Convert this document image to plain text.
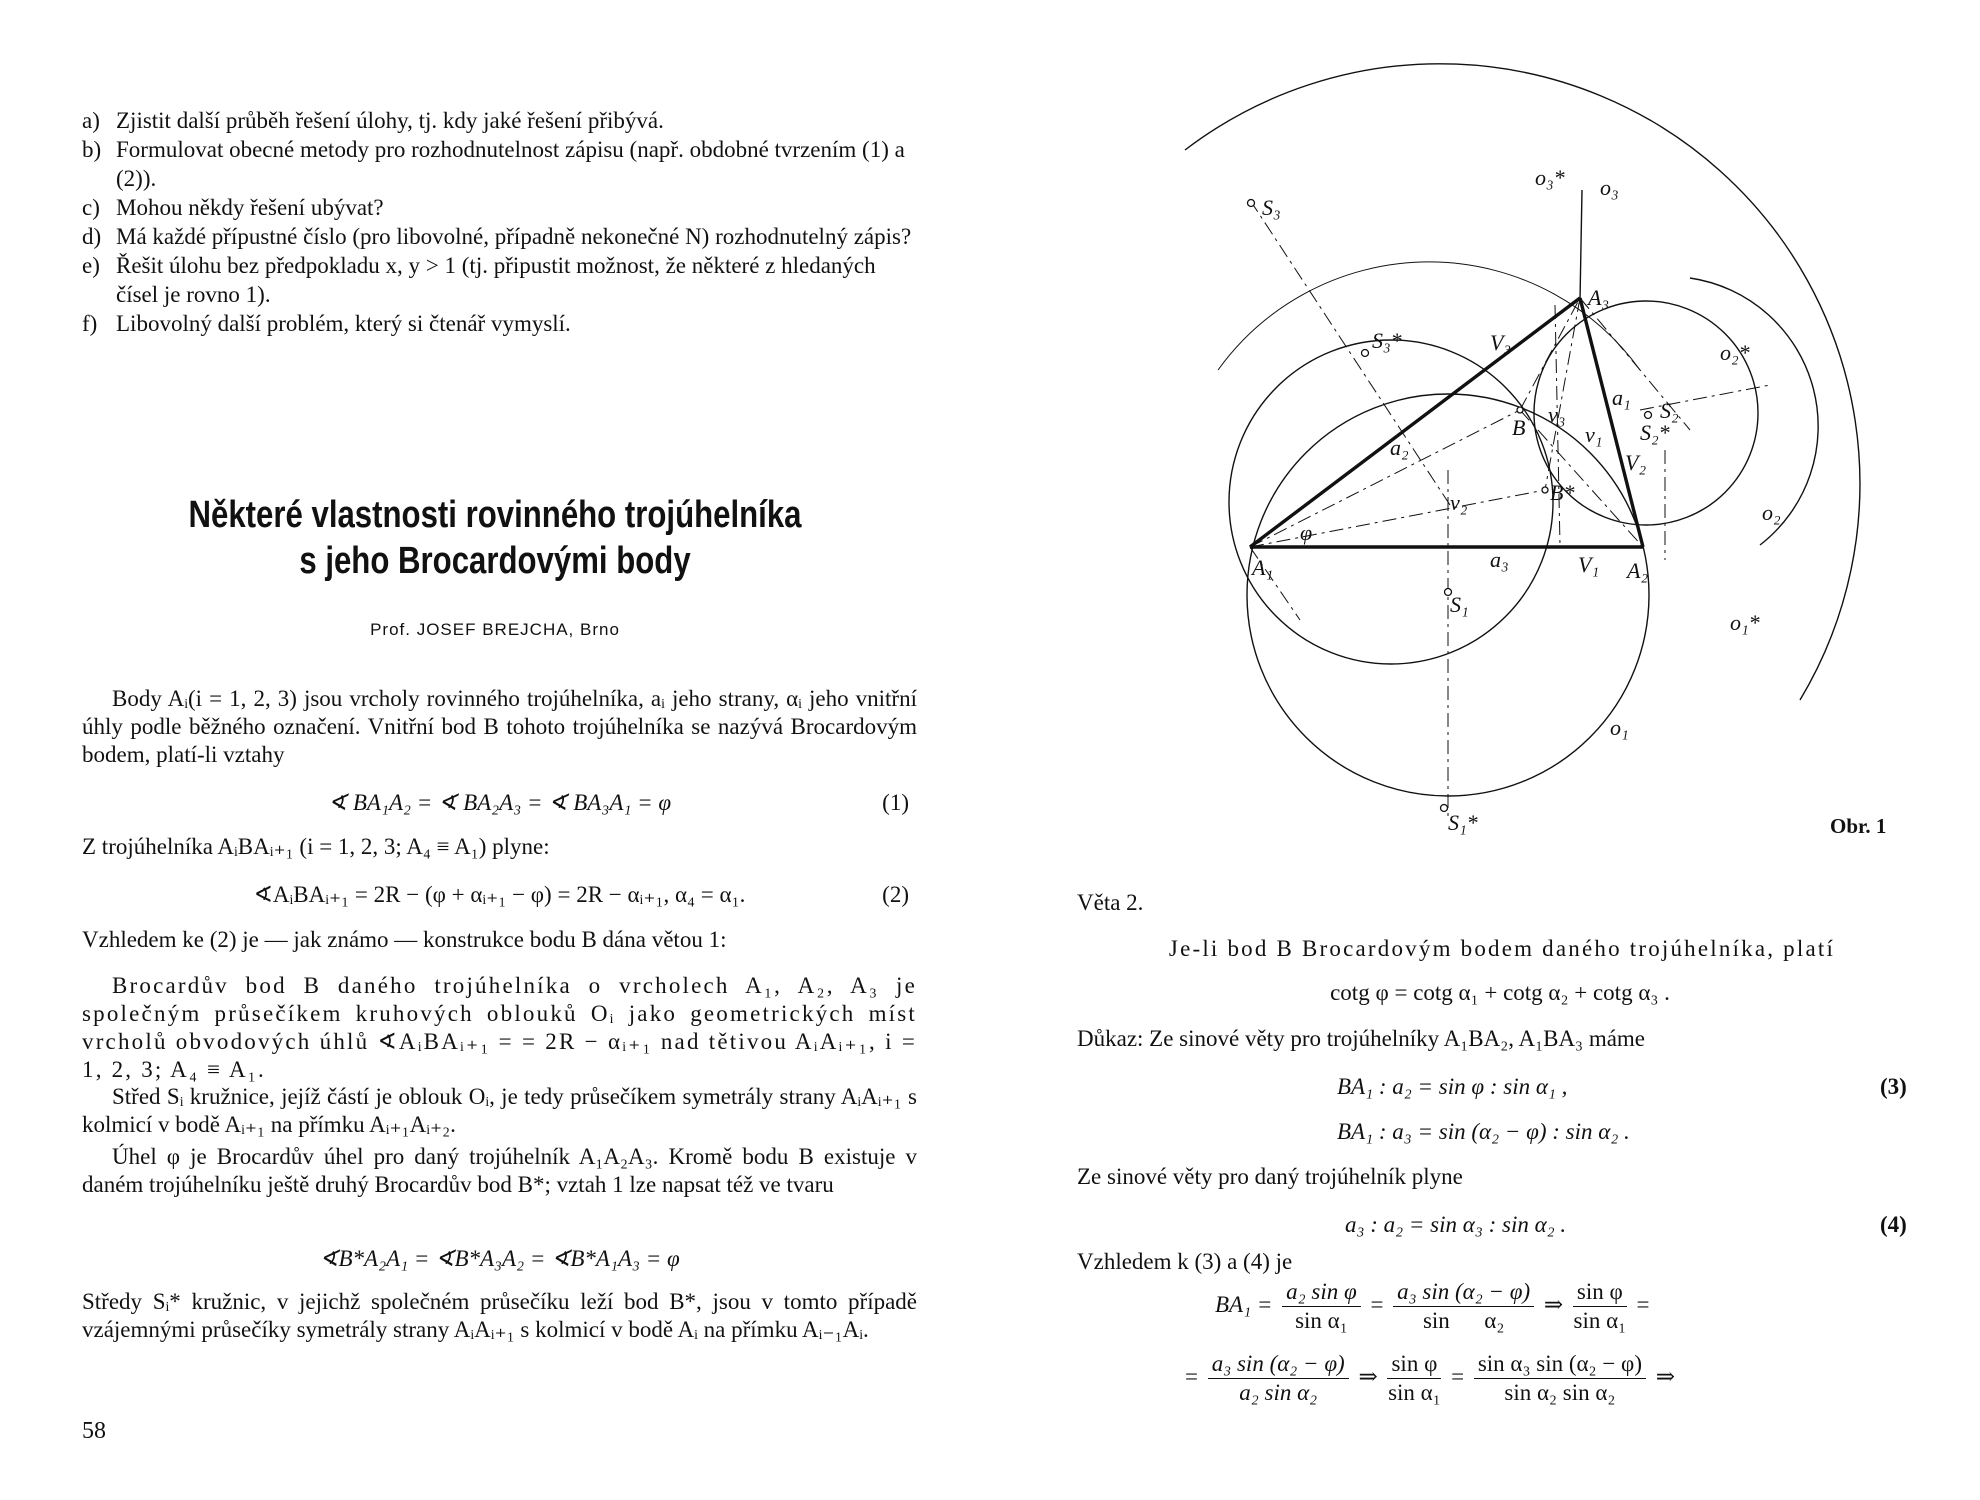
a) Zjistit další průběh řešení úlohy, tj. kdy jaké řešení přibývá.
b) Formulovat obecné metody pro rozhodnutelnost zápisu (např. obdobné tvrzením (1) a (2)).
c) Mohou někdy řešení ubývat?
d) Má každé přípustné číslo (pro libovolné, případně nekonečné N) rozhodnutelný zápis?
e) Řešit úlohu bez předpokladu x, y > 1 (tj. připustit možnost, že některé z hledaných čísel je rovno 1).
f) Libovolný další problém, který si čtenář vymyslí.
Některé vlastnosti rovinného trojúhelníka
s jeho Brocardovými body
Prof. JOSEF BREJCHA, Brno
Body Aᵢ(i = 1, 2, 3) jsou vrcholy rovinného trojúhelníka, aᵢ jeho strany, αᵢ jeho vnitřní úhly podle běžného označení. Vnitřní bod B tohoto trojúhelníka se nazývá Brocardovým bodem, platí-li vztahy
∢ BA₁A₂ = ∢ BA₂A₃ = ∢ BA₃A₁ = φ	(1)
Z trojúhelníka AᵢBAᵢ₊₁ (i = 1, 2, 3; A₄ ≡ A₁) plyne:
∢AᵢBAᵢ₊₁ = 2R − (φ + αᵢ₊₁ − φ) = 2R − αᵢ₊₁, α₄ = α₁.	(2)
Vzhledem ke (2) je — jak známo — konstrukce bodu B dána větou 1:
Brocardův bod B daného trojúhelníka o vrcholech A₁, A₂, A₃ je společným průsečíkem kruhových oblouků Oᵢ jako geometrických míst vrcholů obvodových úhlů ∢AᵢBAᵢ₊₁ = = 2R − αᵢ₊₁ nad tětivou AᵢAᵢ₊₁, i = 1, 2, 3; A₄ ≡ A₁.
Střed Sᵢ kružnice, jejíž částí je oblouk Oᵢ, je tedy průsečíkem symetrály strany AᵢAᵢ₊₁ s kolmicí v bodě Aᵢ₊₁ na přímku Aᵢ₊₁Aᵢ₊₂.
Úhel φ je Brocardův úhel pro daný trojúhelník A₁A₂A₃. Kromě bodu B existuje v daném trojúhelníku ještě druhý Brocardův bod B*; vztah 1 lze napsat též ve tvaru
∢B*A₂A₁ = ∢B*A₃A₂ = ∢B*A₁A₃ = φ
Středy Sᵢ* kružnic, v jejichž společném průsečíku leží bod B*, jsou v tomto případě vzájemnými průsečíky symetrály strany AᵢAᵢ₊₁ s kolmicí v bodě Aᵢ na přímku Aᵢ₋₁Aᵢ.
58
A₁	A₂
A₃
B
B*
S₃
S₃*
S₂
S₂*
S₁
S₁*
o₃
o₃*
o₂
o₂*
o₁
o₁*
a₁
a₂
a₃	V₁
V₂
V₃
v₁
v₂
v₃
φ
Obr. 1
Věta 2.
Je-li bod B Brocardovým bodem daného trojúhelníka, platí
cotg φ = cotg α₁ + cotg α₂ + cotg α₃ .
Důkaz: Ze sinové věty pro trojúhelníky A₁BA₂, A₁BA₃ máme
BA₁ : a₂ = sin φ : sin α₁ ,	(3)
BA₁ : a₃ = sin (α₂ − φ) : sin α₂ .
Ze sinové věty pro daný trojúhelník plyne
a₃ : a₂ = sin α₃ : sin α₂ .	(4)
Vzhledem k (3) a (4) je
$BA_1 = \frac{\text{a₂ sin φ}}{\text{sin α₁}} = \frac{\text{a₃ sin (α₂ − φ)}}{\text{sin α₂}}$ ⇒ $\frac{\text{sin φ}}{\text{sin α₁}}$ =
= $\frac{\text{a₃ sin (α₂ − φ)}}{\text{a₂ sin α₂}}$ ⇒ $\frac{\text{sin φ}}{\text{sin α₁}} = \frac{\text{sin α₃ sin (α₂ − φ)}}{\text{sin α₂ sin α₂}}$ ⇒
